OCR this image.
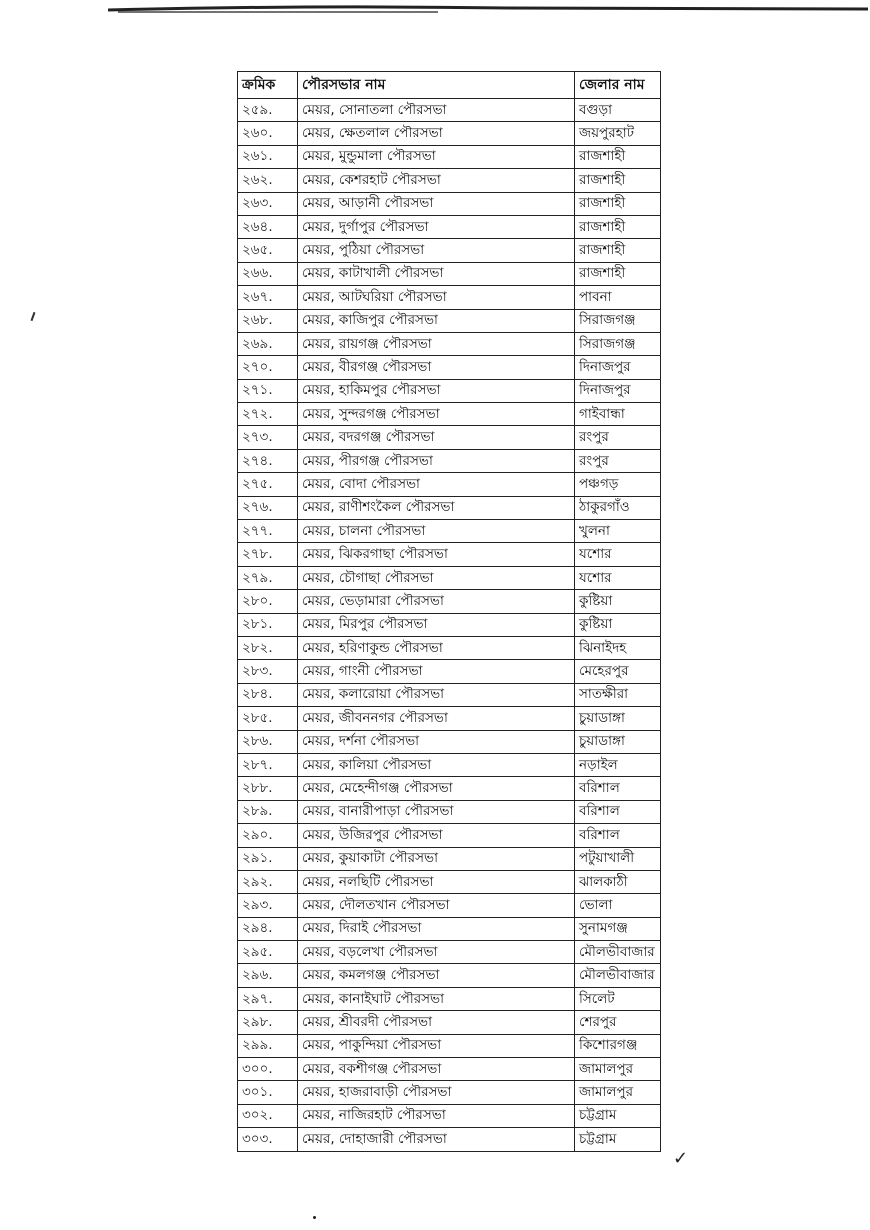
ক্রমিক	পৌরসভার নাম	জেলার নাম
২৫৯.	মেয়র, সোনাতলা পৌরসভা	বগুড়া
২৬০.	মেয়র, ক্ষেতলাল পৌরসভা	জয়পুরহাট
২৬১.	মেয়র, মুন্ডুমালা পৌরসভা	রাজশাহী
২৬২.	মেয়র, কেশরহাট পৌরসভা	রাজশাহী
২৬৩.	মেয়র, আড়ানী পৌরসভা	রাজশাহী
২৬৪.	মেয়র, দুর্গাপুর পৌরসভা	রাজশাহী
২৬৫.	মেয়র, পুঠিয়া পৌরসভা	রাজশাহী
২৬৬.	মেয়র, কাটাখালী পৌরসভা	রাজশাহী
২৬৭.	মেয়র, আটঘরিয়া পৌরসভা	পাবনা
২৬৮.	মেয়র, কাজিপুর পৌরসভা	সিরাজগঞ্জ
২৬৯.	মেয়র, রায়গঞ্জ পৌরসভা	সিরাজগঞ্জ
২৭০.	মেয়র, বীরগঞ্জ পৌরসভা	দিনাজপুর
২৭১.	মেয়র, হাকিমপুর পৌরসভা	দিনাজপুর
২৭২.	মেয়র, সুন্দরগঞ্জ পৌরসভা	গাইবান্ধা
২৭৩.	মেয়র, বদরগঞ্জ পৌরসভা	রংপুর
২৭৪.	মেয়র, পীরগঞ্জ পৌরসভা	রংপুর
২৭৫.	মেয়র, বোদা পৌরসভা	পঞ্চগড়
২৭৬.	মেয়র, রাণীশংকৈল পৌরসভা	ঠাকুরগাঁও
২৭৭.	মেয়র, চালনা পৌরসভা	খুলনা
২৭৮.	মেয়র, ঝিকরগাছা পৌরসভা	যশোর
২৭৯.	মেয়র, চৌগাছা পৌরসভা	যশোর
২৮০.	মেয়র, ভেড়ামারা পৌরসভা	কুষ্টিয়া
২৮১.	মেয়র, মিরপুর পৌরসভা	কুষ্টিয়া
২৮২.	মেয়র, হরিণাকুন্ড পৌরসভা	ঝিনাইদহ
২৮৩.	মেয়র, গাংনী পৌরসভা	মেহেরপুর
২৮৪.	মেয়র, কলারোয়া পৌরসভা	সাতক্ষীরা
২৮৫.	মেয়র, জীবননগর পৌরসভা	চুয়াডাঙ্গা
২৮৬.	মেয়র, দর্শনা পৌরসভা	চুয়াডাঙ্গা
২৮৭.	মেয়র, কালিয়া পৌরসভা	নড়াইল
২৮৮.	মেয়র, মেহেন্দীগঞ্জ পৌরসভা	বরিশাল
২৮৯.	মেয়র, বানারীপাড়া পৌরসভা	বরিশাল
২৯০.	মেয়র, উজিরপুর পৌরসভা	বরিশাল
২৯১.	মেয়র, কুয়াকাটা পৌরসভা	পটুয়াখালী
২৯২.	মেয়র, নলছিটি পৌরসভা	ঝালকাঠী
২৯৩.	মেয়র, দৌলতখান পৌরসভা	ভোলা
২৯৪.	মেয়র, দিরাই পৌরসভা	সুনামগঞ্জ
২৯৫.	মেয়র, বড়লেখা পৌরসভা	মৌলভীবাজার
২৯৬.	মেয়র, কমলগঞ্জ পৌরসভা	মৌলভীবাজার
২৯৭.	মেয়র, কানাইঘাট পৌরসভা	সিলেট
২৯৮.	মেয়র, শ্রীবরদী পৌরসভা	শেরপুর
২৯৯.	মেয়র, পাকুন্দিয়া পৌরসভা	কিশোরগঞ্জ
৩০০.	মেয়র, বকশীগঞ্জ পৌরসভা	জামালপুর
৩০১.	মেয়র, হাজরাবাড়ী পৌরসভা	জামালপুর
৩০২.	মেয়র, নাজিরহাট পৌরসভা	চট্টগ্রাম
৩০৩.	মেয়র, দোহাজারী পৌরসভা	চট্টগ্রাম
✓
